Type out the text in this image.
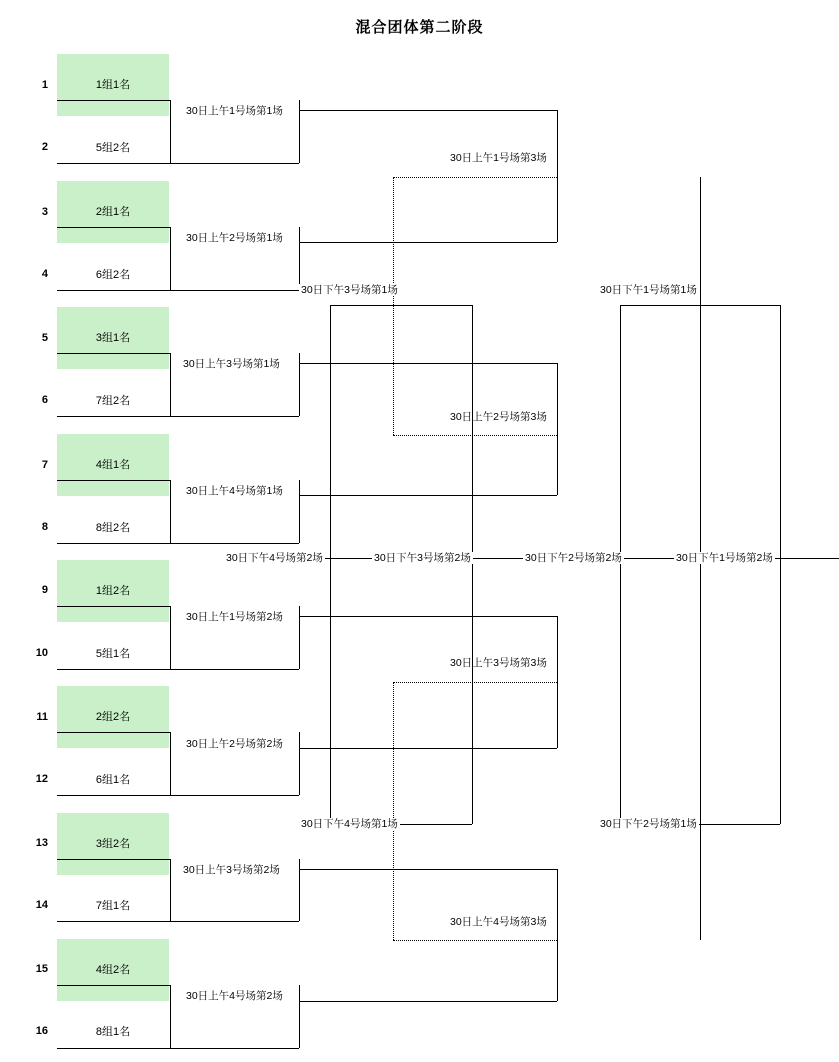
混合团体第二阶段
1
2
3
4
5
6
7
8
9
10
11
12
13
14
15
16
1组1名
5组2名
2组1名
6组2名
3组1名
7组2名
4组1名
8组2名
1组2名
5组1名
2组2名
6组1名
3组2名
7组1名
4组2名
8组1名
30日上午1号场第1场
30日上午2号场第1场
30日上午3号场第1场
30日上午4号场第1场
30日上午1号场第2场
30日上午2号场第2场
30日上午3号场第2场
30日上午4号场第2场
30日上午1号场第3场
30日上午2号场第3场
30日上午3号场第3场
30日上午4号场第3场
30日下午3号场第1场
30日下午4号场第1场
30日下午1号场第1场
30日下午2号场第1场
30日下午4号场第2场	30日下午3号场第2场	30日下午2号场第2场	30日下午1号场第2场
